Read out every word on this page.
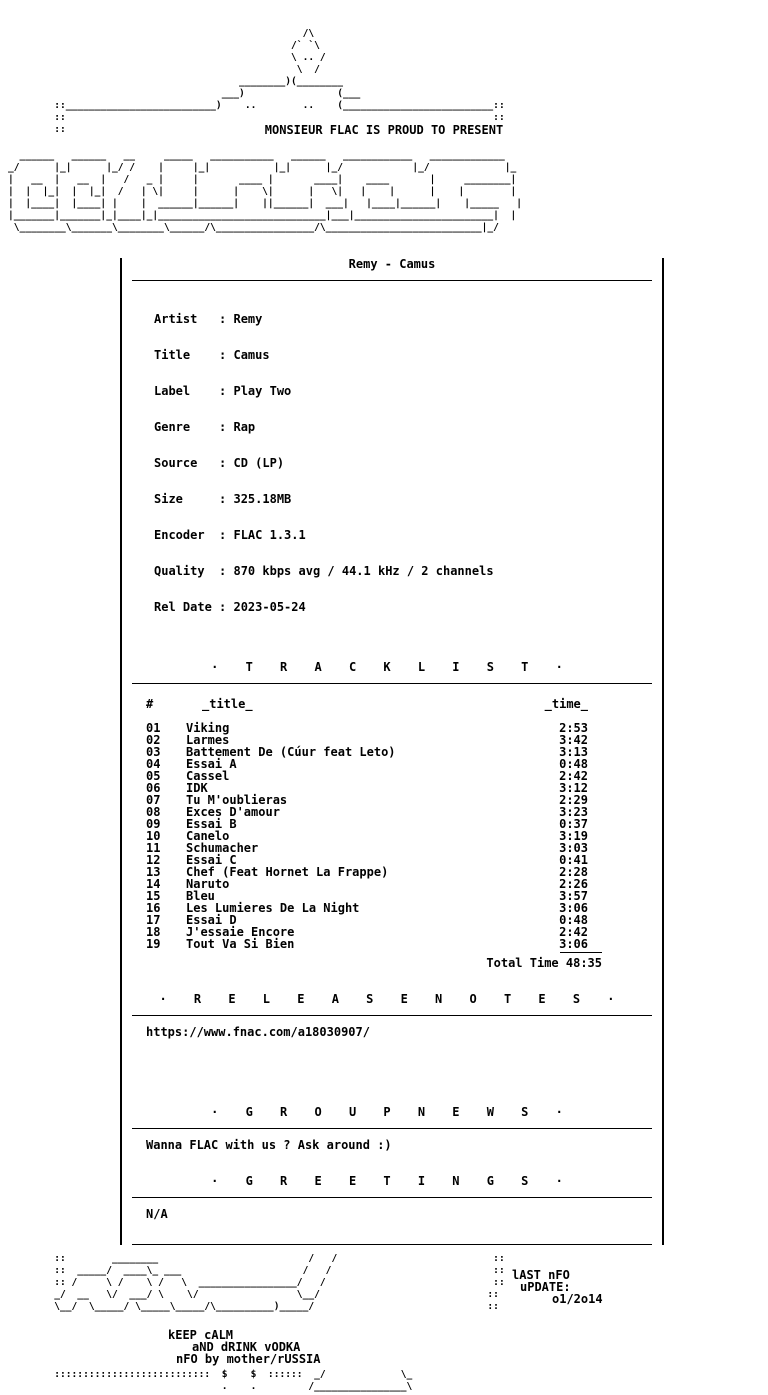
/\
/` `\
\ .. /
\  /
________)(________
___)                (___
::__________________________)    ..        ..    (__________________________::
::                                                                          ::
::	MONSIEUR FLAC IS PROUD TO PRESENT
______   ______   __     _____   ___________   ______   ____________   _____________
_/      |_|      |_/ /    |     |_|           |_|      |_/            |_/             |_
|   __  |   __  |   /   _ |     |       ____ |       ____|    ____       |     ________|
|  |  |_|  |  |_|  /   | \|     |      |    \|      |   \|   |    |      |    |        |
|  |____|  |____| |    |  ______|______|    ||______|  ___|   |____|______|    |_____   |
|_______|_______|_|____|_|_____________________________|___|________________________|  |
\________\_______\________\______/\_________________/\___________________________|_/
Remy - Camus

Artist   : Remy

Title    : Camus

Label    : Play Two

Genre    : Rap

Source   : CD (LP)

Size     : 325.18MB

Encoder  : FLAC 1.3.1

Quality  : 870 kbps avg / 44.1 kHz / 2 channels

Rel Date : 2023-05-24

· T R A C K L I S T ·
#	_title_	_time_
01	Viking	2:53
02	Larmes	3:42
03	Battement De (Cúur feat Leto)	3:13
04	Essai A	0:48
05	Cassel	2:42
06	IDK	3:12
07	Tu M'oublieras	2:29
08	Exces D'amour	3:23
09	Essai B	0:37
10	Canelo	3:19
11	Schumacher	3:03
12	Essai C	0:41
13	Chef (Feat Hornet La Frappe)	2:28
14	Naruto	2:26
15	Bleu	3:57
16	Les Lumieres De La Night	3:06
17	Essai D	0:48
18	J'essaie Encore	2:42
19	Tout Va Si Bien	3:06
Total Time 48:35
· R E L E A S E N O T E S ·
https://www.fnac.com/a18030907/
· G R O U P N E W S ·
Wanna FLAC with us ? Ask around :)
· G R E E T I N G S ·
N/A
::        ________                          /   /                           ::
::  _____/  ____\_ ___                     /   /                            ::
:: /     \ /    \ /   \  _________________/   /                             ::
_/  __   \/  ___/ \    \/                 \__/                             ::
\__/  \_____/ \_____\_____/\__________)_____/                              ::
lAST nFO
uPDATE:
o1/2o14
kEEP cALM
aND dRINK vODKA
nFO by mother/rUSSIA
:::::::::::::::::::::::::::  $    $  ::::::  _/             \_
.    .         /________________\
